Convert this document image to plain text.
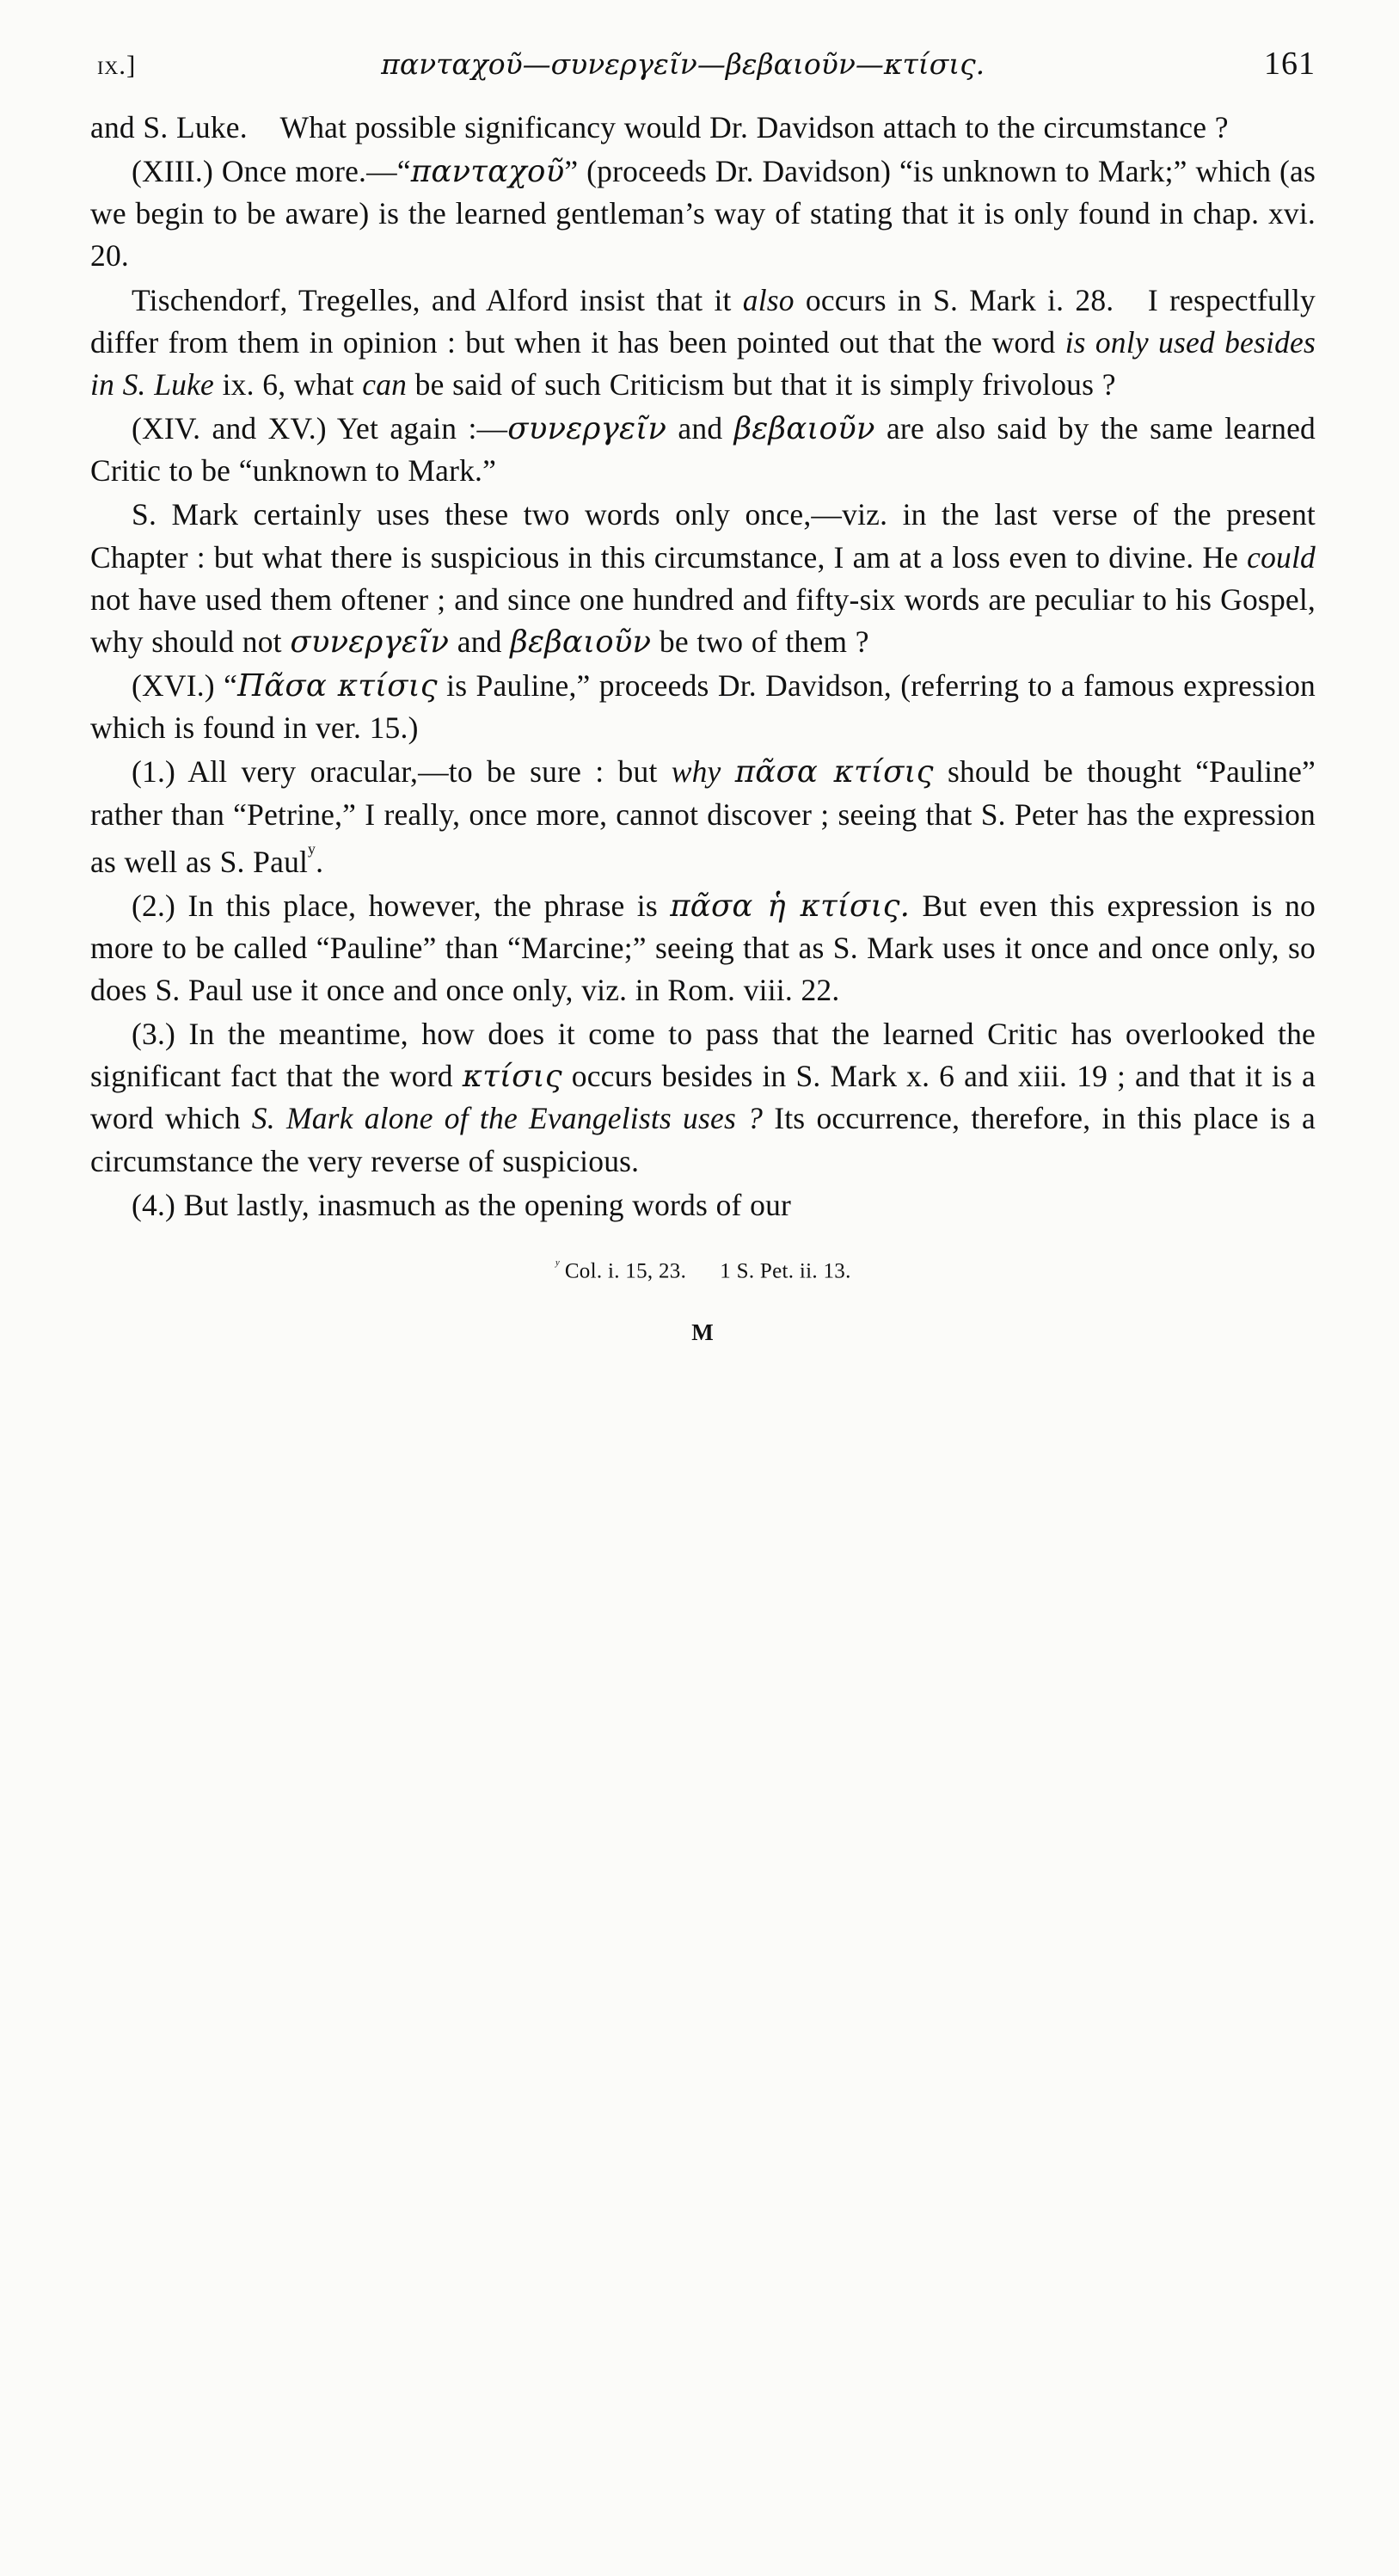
ix.]	πανταχοῦ—συνεργεῖν—βεβαιοῦν—κτίσις.	161

and S. Luke.    What possible significancy would Dr. Davidson attach to the circumstance ?

(XIII.) Once more.—“πανταχοῦ” (proceeds Dr. Davidson) “is unknown to Mark;” which (as we begin to be aware) is the learned gentleman’s way of stating that it is only found in chap. xvi. 20.

Tischendorf, Tregelles, and Alford insist that it also occurs in S. Mark i. 28.   I respectfully differ from them in opinion : but when it has been pointed out that the word is only used besides in S. Luke ix. 6, what can be said of such Criticism but that it is simply frivolous ?

(XIV. and XV.) Yet again :—συνεργεῖν and βεβαιοῦν are also said by the same learned Critic to be “unknown to Mark.”

S. Mark certainly uses these two words only once,—viz. in the last verse of the present Chapter : but what there is suspicious in this circumstance, I am at a loss even to divine. He could not have used them oftener ; and since one hundred and fifty-six words are peculiar to his Gospel, why should not συνεργεῖν and βεβαιοῦν be two of them ?

(XVI.) “Πᾶσα κτίσις is Pauline,” proceeds Dr. Davidson, (referring to a famous expression which is found in ver. 15.)

(1.) All very oracular,—to be sure : but why πᾶσα κτίσις should be thought “Pauline” rather than “Petrine,” I really, once more, cannot discover ; seeing that S. Peter has the expression as well as S. Paul$^ʸ$.

(2.) In this place, however, the phrase is πᾶσα ἡ κτίσις. But even this expression is no more to be called “Pauline” than “Marcine;” seeing that as S. Mark uses it once and once only, so does S. Paul use it once and once only, viz. in Rom. viii. 22.

(3.) In the meantime, how does it come to pass that the learned Critic has overlooked the significant fact that the word κτίσις occurs besides in S. Mark x. 6 and xiii. 19 ; and that it is a word which S. Mark alone of the Evangelists uses ? Its occurrence, therefore, in this place is a circumstance the very reverse of suspicious.

(4.) But lastly, inasmuch as the opening words of our

$^ʸ$ Col. i. 15, 23. 1 S. Pet. ii. 13.
M
